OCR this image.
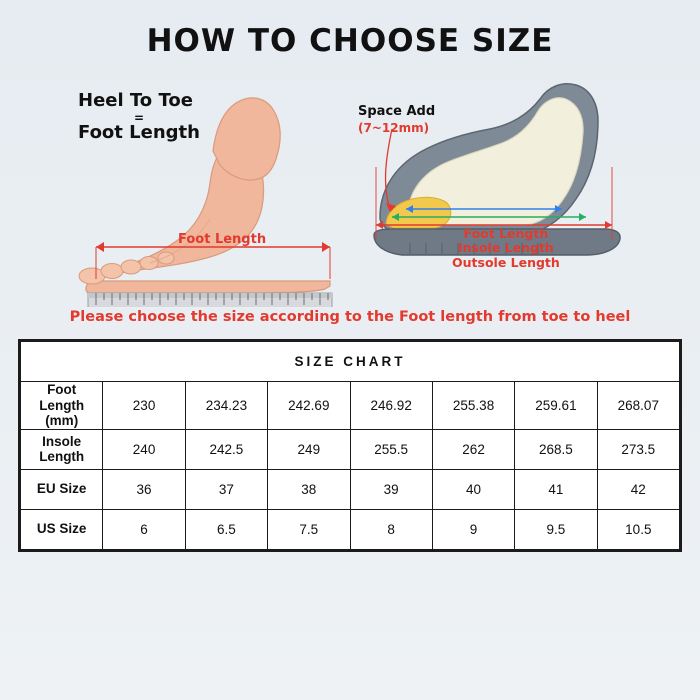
HOW TO CHOOSE SIZE
Heel To Toe
=
Foot Length
Space Add
(7~12mm)
Foot Length	Foot Length
Insole Length
Outsole Length
Please choose the size according to the Foot length from toe to heel
SIZE CHART							
Foot Length
(mm)	230	234.23	242.69	246.92	255.38	259.61	268.07
Insole Length	240	242.5	249	255.5	262	268.5	273.5
EU Size	36	37	38	39	40	41	42
US Size	6	6.5	7.5	8	9	9.5	10.5
